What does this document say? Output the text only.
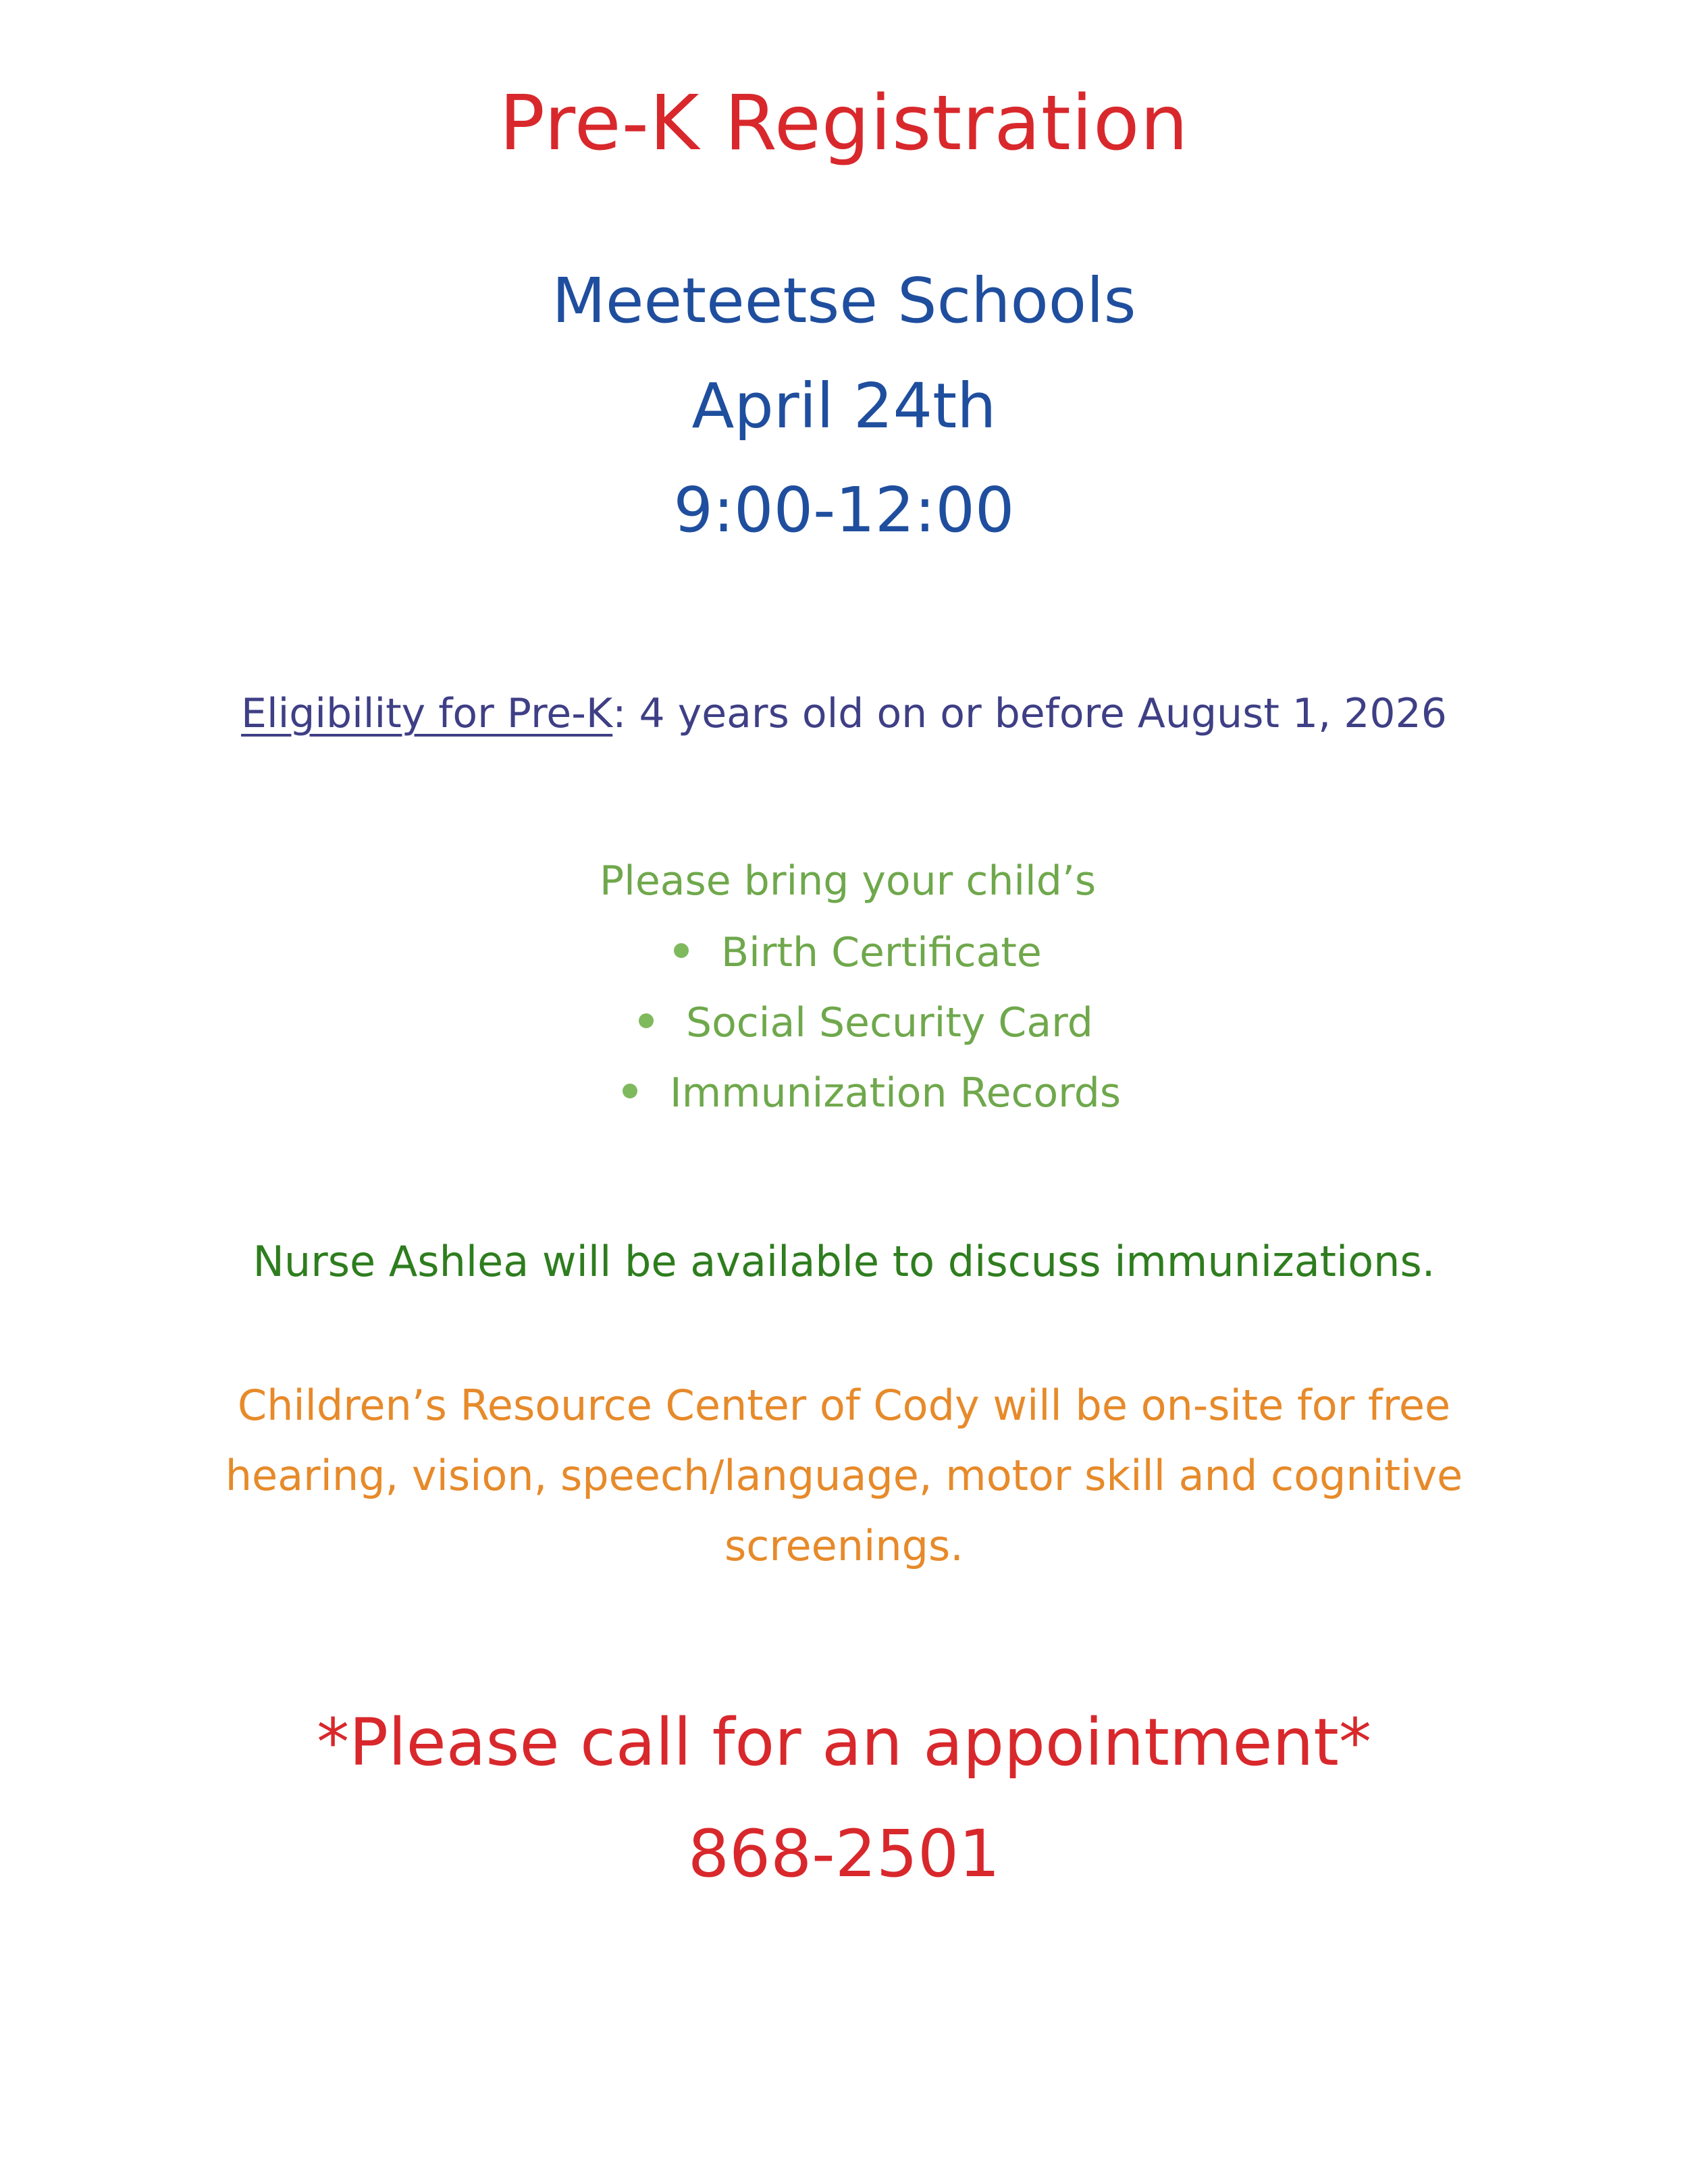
Pre-K Registration
Meeteetse Schools
April 24th
9:00-12:00
Eligibility for Pre-K: 4 years old on or before August 1, 2026
Please bring your child’s
Birth Certificate
Social Security Card
Immunization Records
Nurse Ashlea will be available to discuss immunizations.
Children’s Resource Center of Cody will be on-site for free
hearing, vision, speech/language, motor skill and cognitive
screenings.
*Please call for an appointment*
868-2501
